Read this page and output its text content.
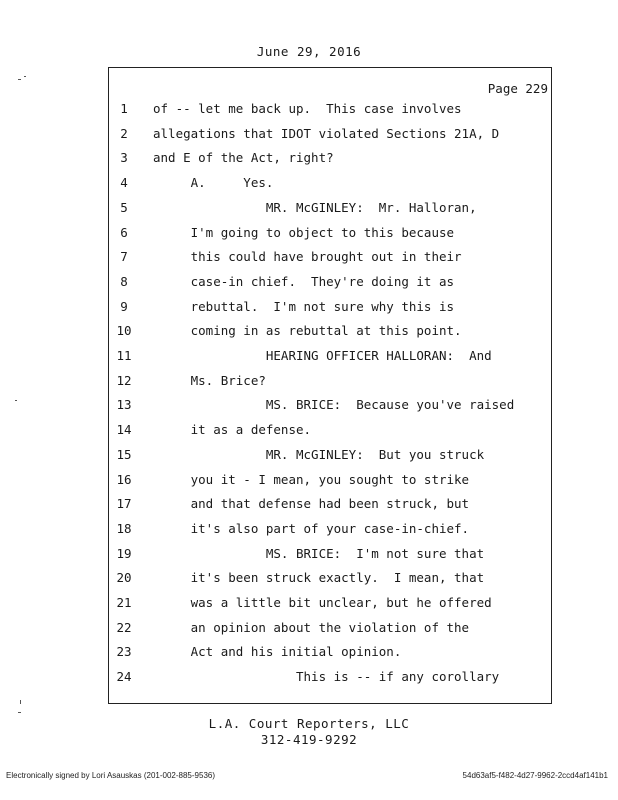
June 29, 2016
Page 229
1	of -- let me back up.  This case involves
2	allegations that IDOT violated Sections 21A, D
3	and E of the Act, right?
4	A.     Yes.
5	MR. McGINLEY:  Mr. Halloran,
6	I'm going to object to this because
7	this could have brought out in their
8	case-in chief.  They're doing it as
9	rebuttal.  I'm not sure why this is
10	coming in as rebuttal at this point.
11	HEARING OFFICER HALLORAN:  And
12	Ms. Brice?
13	MS. BRICE:  Because you've raised
14	it as a defense.
15	MR. McGINLEY:  But you struck
16	you it - I mean, you sought to strike
17	and that defense had been struck, but
18	it's also part of your case-in-chief.
19	MS. BRICE:  I'm not sure that
20	it's been struck exactly.  I mean, that
21	was a little bit unclear, but he offered
22	an opinion about the violation of the
23	Act and his initial opinion.
24	This is -- if any corollary
L.A. Court Reporters, LLC
312-419-9292
Electronically signed by Lori Asauskas (201-002-885-9536)	54d63af5-f482-4d27-9962-2ccd4af141b1
